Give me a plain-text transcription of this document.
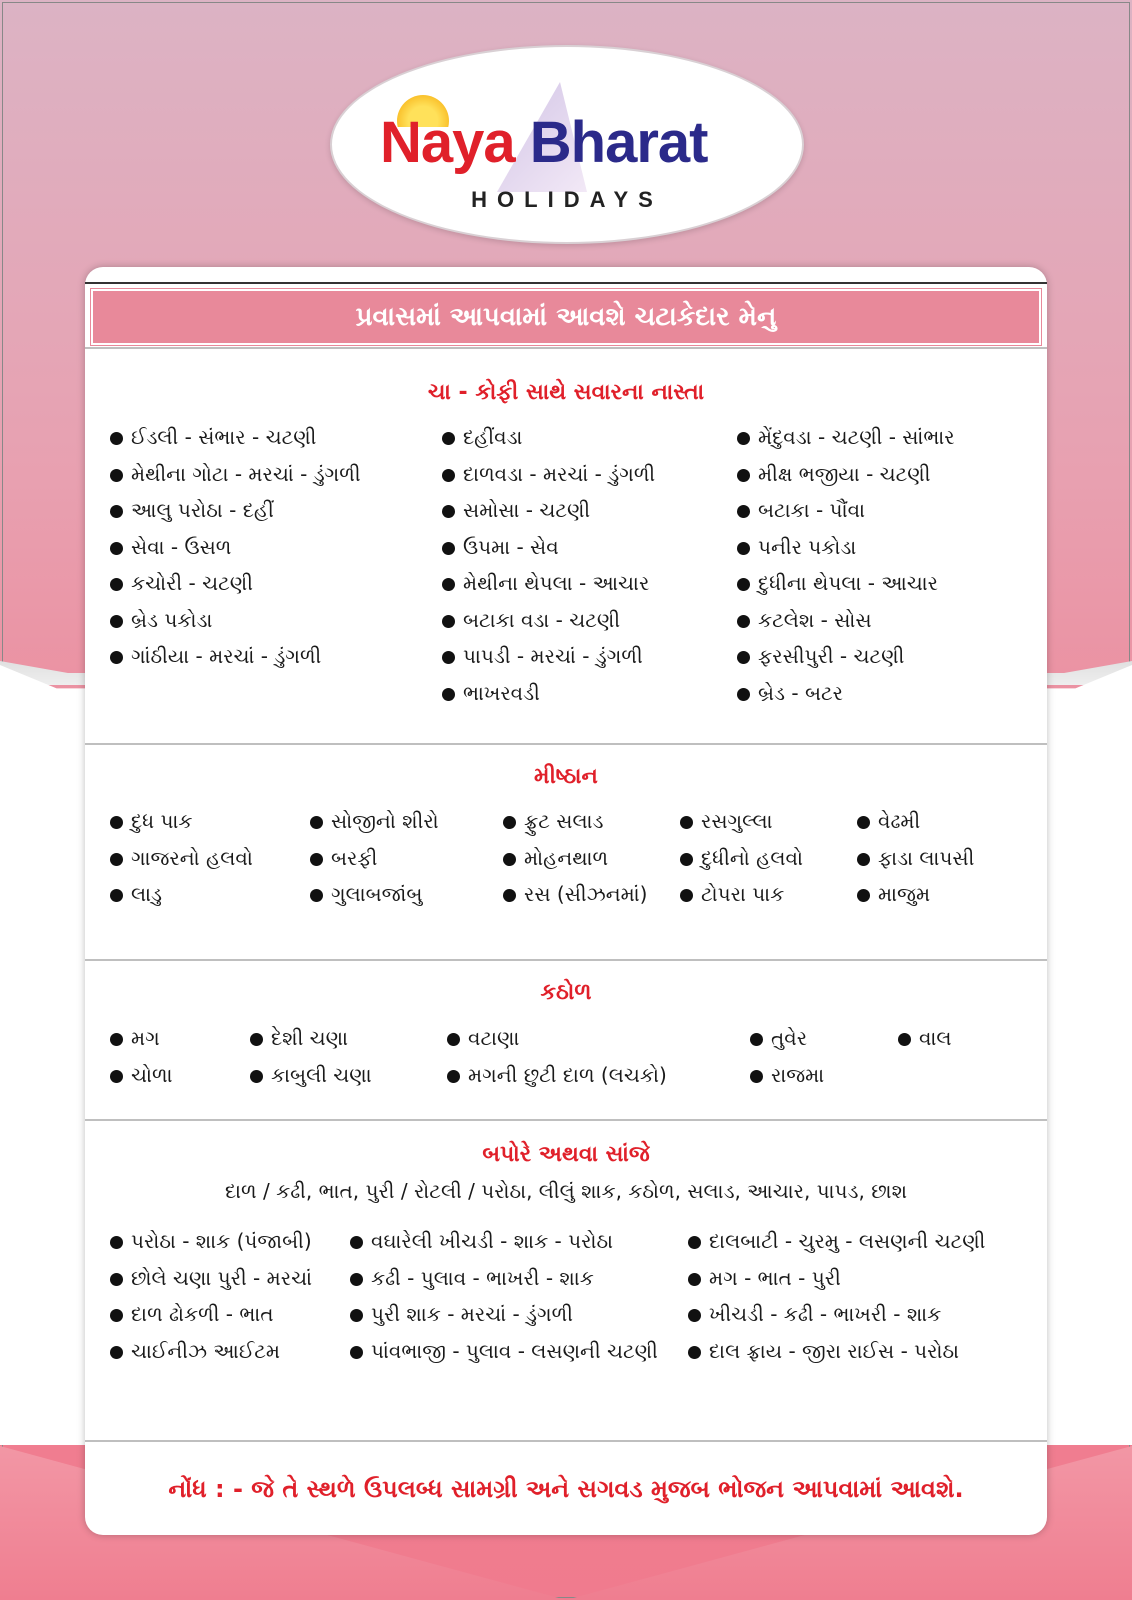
Naya Bharat
HOLIDAYS
પ્રવાસમાં આપવામાં આવશે ચટાકેદાર મેનુ
ચા - કોફી સાથે સવારના નાસ્તા
ઈડલી - સંભાર - ચટણી
મેથીના ગોટા - મરચાં - ડુંગળી
આલુ પરોઠા - દહીં
સેવા - ઉસળ
કચોરી - ચટણી
બ્રેડ પકોડા
ગાંઠીયા - મરચાં - ડુંગળી
દહીંવડા
દાળવડા - મરચાં - ડુંગળી
સમોસા - ચટણી
ઉપમા - સેવ
મેથીના થેપલા - આચાર
બટાકા વડા - ચટણી
પાપડી - મરચાં - ડુંગળી
ભાખરવડી
મેંદુવડા - ચટણી - સાંભાર
મીક્ષ ભજીયા - ચટણી
બટાકા - પૌંવા
પનીર પકોડા
દુધીના થેપલા - આચાર
કટલેશ - સોસ
ફરસીપુરી - ચટણી
બ્રેડ - બટર
મીષ્ઠાન
દુધ પાક
ગાજરનો હલવો
લાડુ
સોજીનો શીરો
બરફી
ગુલાબજાંબુ
ફ્રુટ સલાડ
મોહનથાળ
રસ (સીઝનમાં)
રસગુલ્લા
દુધીનો હલવો
ટોપરા પાક
વેઢમી
ફાડા લાપસી
માજુમ
કઠોળ
મગ
ચોળા
દેશી ચણા
કાબુલી ચણા
વટાણા
મગની છુટી દાળ (લચકો)
તુવેર
રાજમા
વાલ
બપોરે અથવા સાંજે
દાળ / કઢી, ભાત, પુરી / રોટલી / પરોઠા, લીલું શાક, કઠોળ, સલાડ, આચાર, પાપડ, છાશ
પરોઠા - શાક (પંજાબી)
છોલે ચણા પુરી - મરચાં
દાળ ઢોકળી - ભાત
ચાઈનીઝ આઈટમ
વઘારેલી ખીચડી - શાક - પરોઠા
કઢી - પુલાવ - ભાખરી - શાક
પુરી શાક - મરચાં - ડુંગળી
પાંવભાજી - પુલાવ - લસણની ચટણી
દાલબાટી - ચુરમુ - લસણની ચટણી
મગ - ભાત - પુરી
ખીચડી - કઢી - ભાખરી - શાક
દાલ ફ્રાય - જીરા રાઈસ - પરોઠા
નોંધ : - જે તે સ્થળે ઉપલબ્ધ સામગ્રી અને સગવડ મુજબ ભોજન આપવામાં આવશે.
